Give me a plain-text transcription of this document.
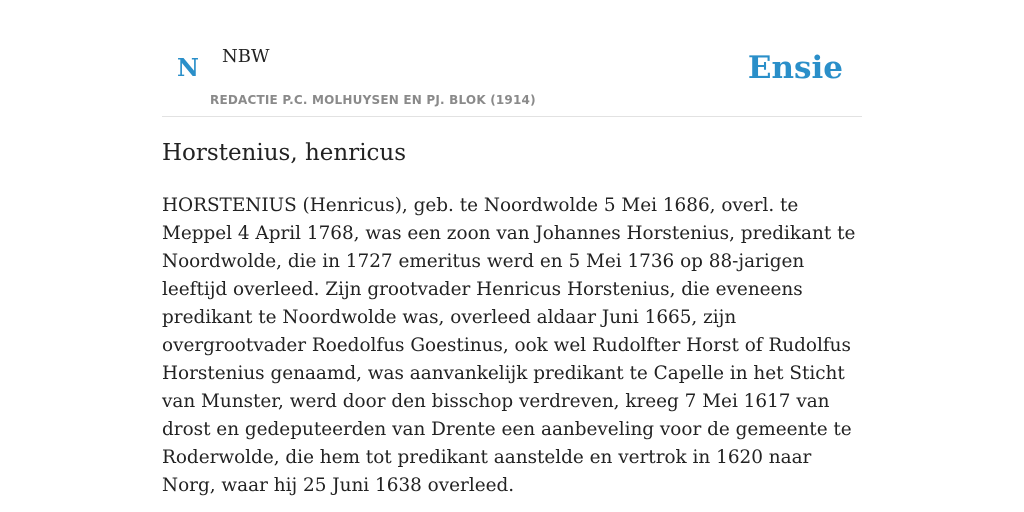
N NBW
REDACTIE P.C. MOLHUYSEN EN PJ. BLOK (1914)
Ensie
Horstenius, henricus

HORSTENIUS (Henricus), geb. te Noordwolde 5 Mei 1686, overl. te Meppel 4 April 1768, was een zoon van Johannes Horstenius, predikant te Noordwolde, die in 1727 emeritus werd en 5 Mei 1736 op 88-jarigen leeftijd overleed. Zijn grootvader Henricus Horstenius, die eveneens predikant te Noordwolde was, overleed aldaar Juni 1665, zijn overgrootvader Roedolfus Goestinus, ook wel Rudolfter Horst of Rudolfus Horstenius genaamd, was aanvankelijk predikant te Capelle in het Sticht van Munster, werd door den bisschop verdreven, kreeg 7 Mei 1617 van drost en gedeputeerden van Drente een aanbeveling voor de gemeente te Roderwolde, die hem tot predikant aanstelde en vertrok in 1620 naar Norg, waar hij 25 Juni 1638 overleed.
